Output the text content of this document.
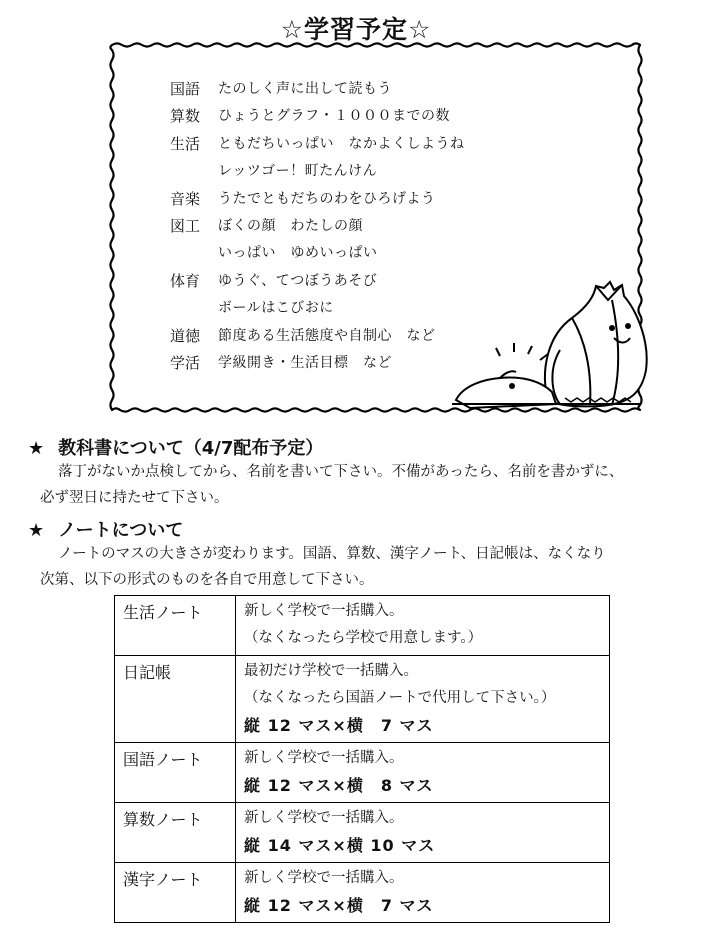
☆学習予定☆
国語	たのしく声に出して読もう
算数	ひょうとグラフ・１０００までの数
生活	ともだちいっぱい　なかよくしようね
レッツゴー！町たんけん
音楽	うたでともだちのわをひろげよう
図工	ぼくの顔　わたしの顔
いっぱい　ゆめいっぱい
体育	ゆうぐ、てつぼうあそび
ボールはこびおに
道徳	節度ある生活態度や自制心　など
学活	学級開き・生活目標　など
★ 教科書について（4/7配布予定）
落丁がないか点検してから、名前を書いて下さい。不備があったら、名前を書かずに、
必ず翌日に持たせて下さい。
★ ノートについて
ノートのマスの大きさが変わります。国語、算数、漢字ノート、日記帳は、なくなり
次第、以下の形式のものを各自で用意して下さい。
生活ノート	新しく学校で一括購入。
（なくなったら学校で用意します。）

日記帳	最初だけ学校で一括購入。
（なくなったら国語ノートで代用して下さい。）
縦 12 マス×横　7 マス

国語ノート	新しく学校で一括購入。
縦 12 マス×横　8 マス

算数ノート	新しく学校で一括購入。
縦 14 マス×横 10 マス

漢字ノート	新しく学校で一括購入。
縦 12 マス×横　7 マス
